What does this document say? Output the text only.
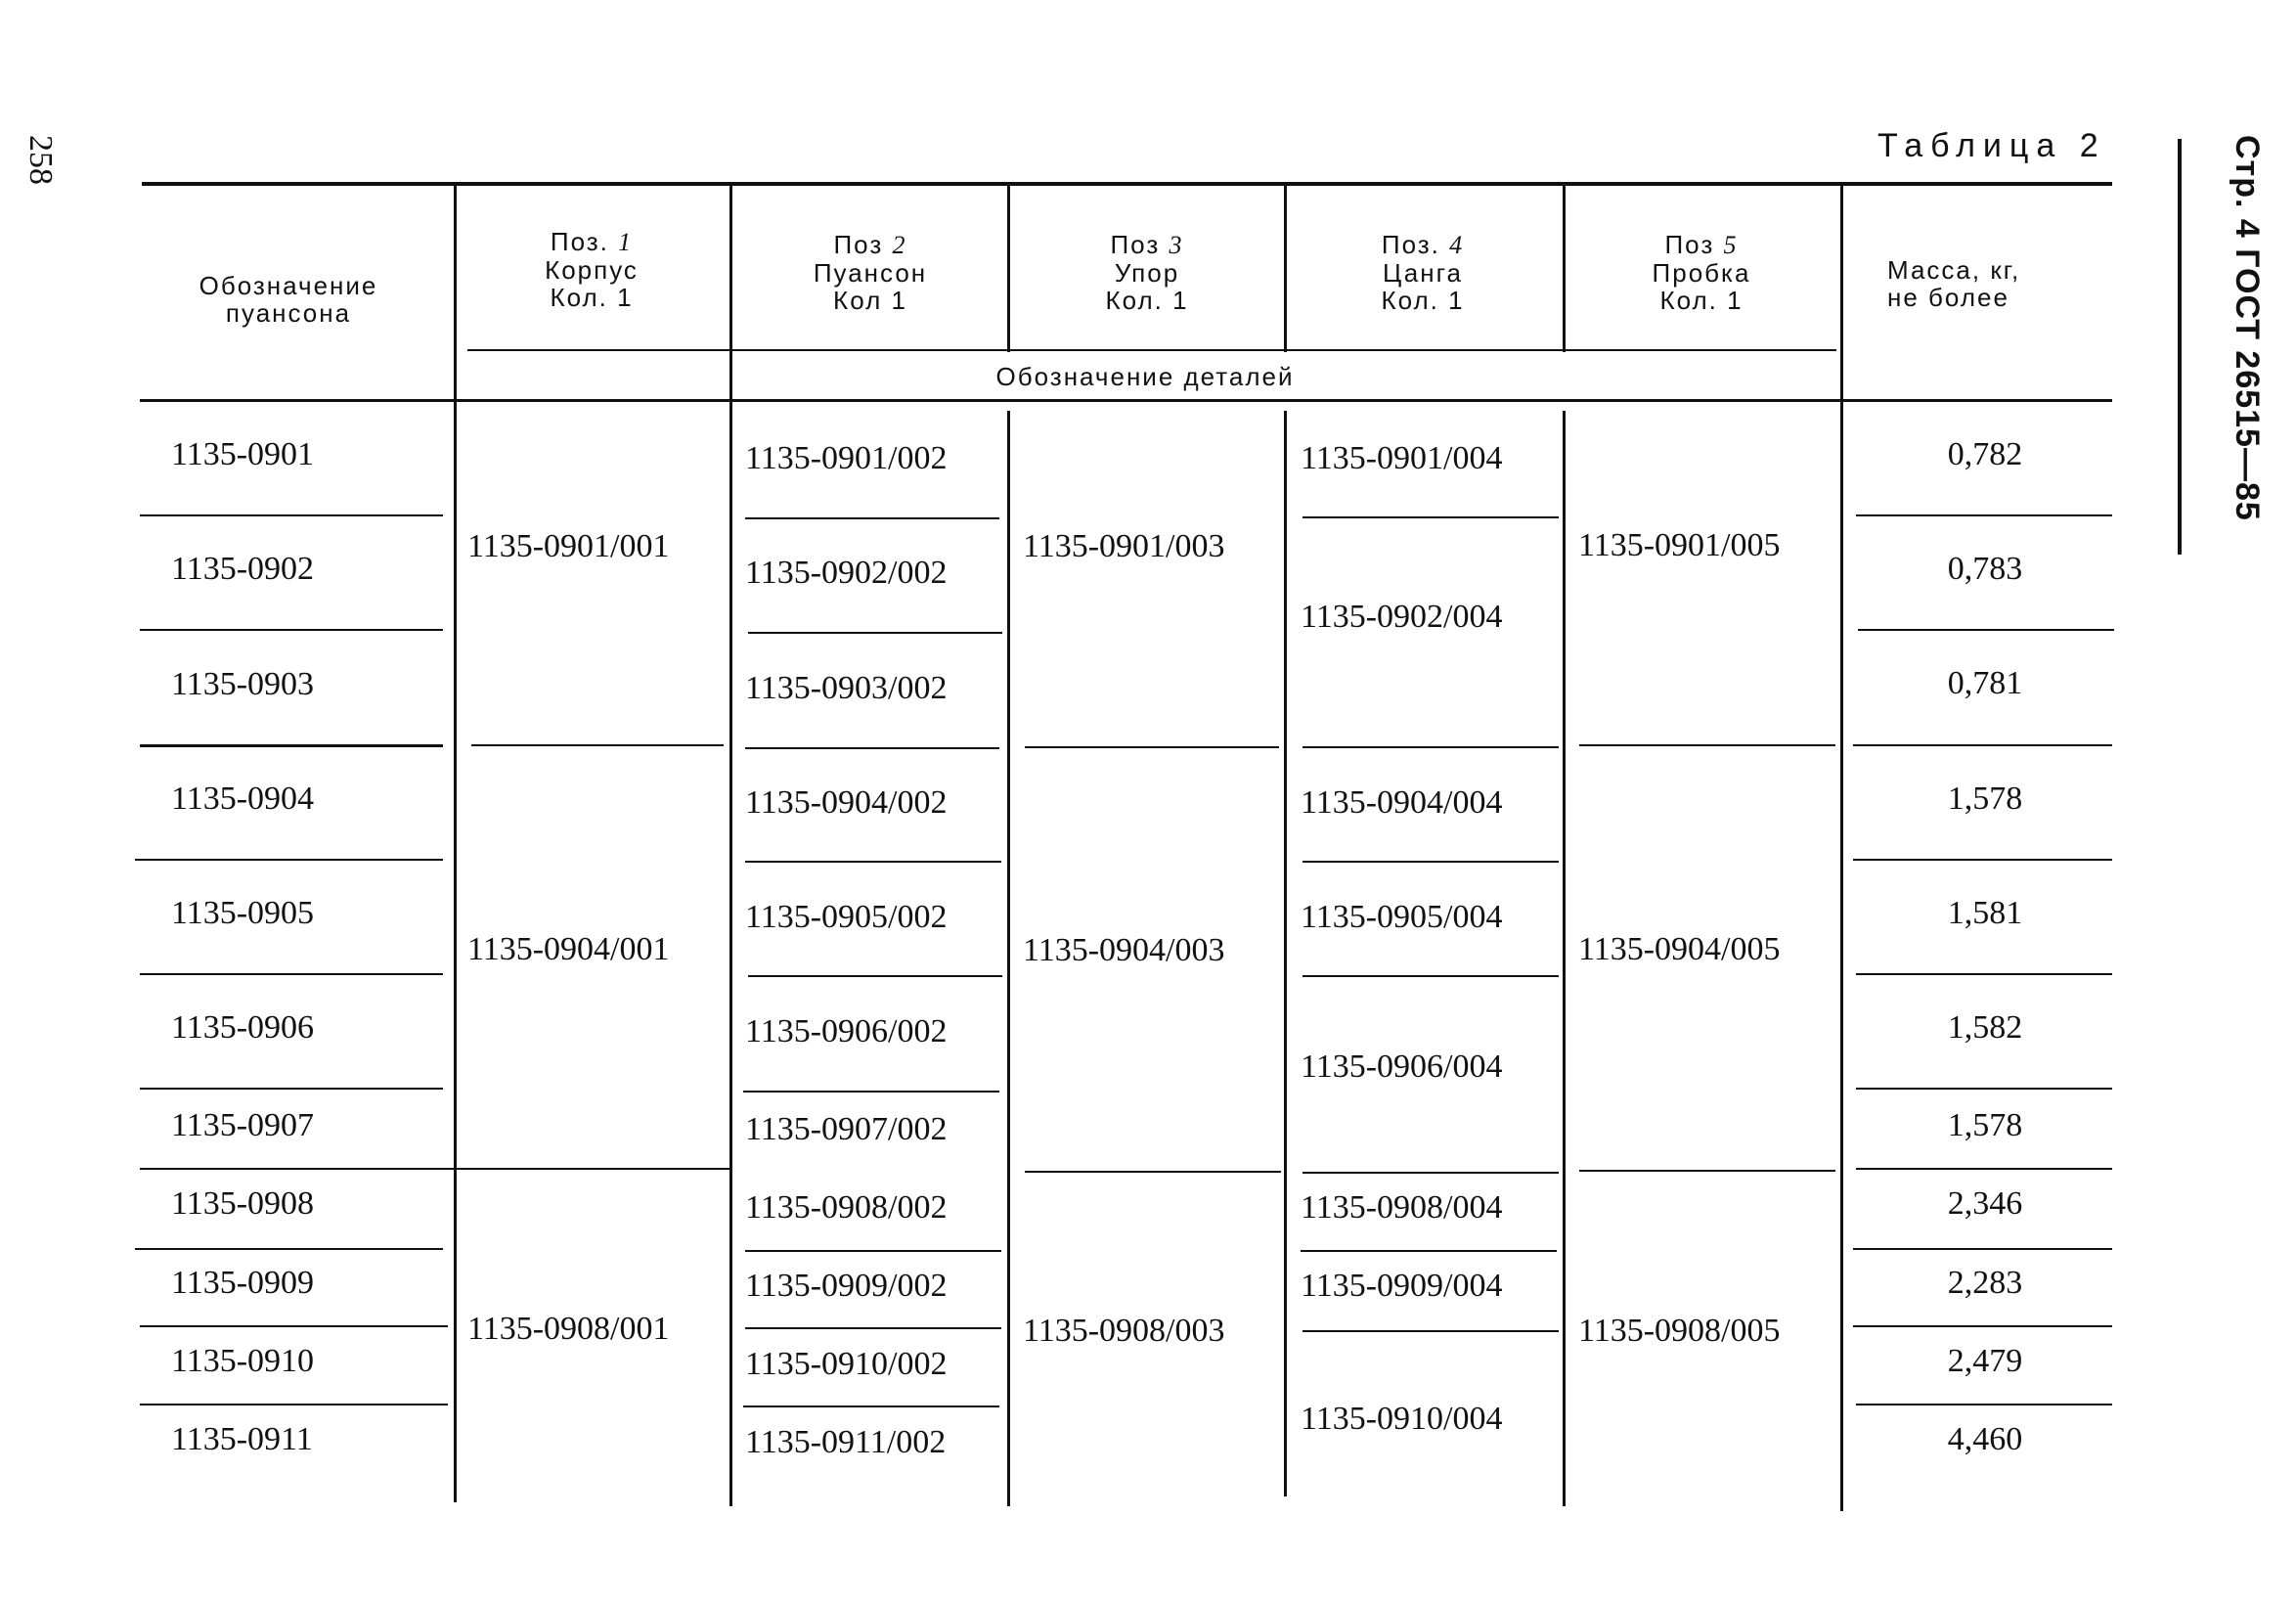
258	Стр. 4 ГОСТ 26515—85
Таблица 2
Обозначение
пуансона
Поз. 1
Корпус
Кол. 1
Поз 2
Пуансон
Кол 1
Поз 3
Упор
Кол. 1
Поз. 4
Цанга
Кол. 1
Поз 5
Пробка
Кол. 1
Масса, кг,
не более
Обозначение деталей
1135-0901
1135-0902
1135-0903
1135-0904
1135-0905
1135-0906
1135-0907
1135-0908
1135-0909
1135-0910
1135-0911
1135-0901/001
1135-0904/001
1135-0908/001
1135-0901/002
1135-0902/002
1135-0903/002
1135-0904/002
1135-0905/002
1135-0906/002
1135-0907/002
1135-0908/002
1135-0909/002
1135-0910/002
1135-0911/002
1135-0901/003
1135-0904/003
1135-0908/003
1135-0901/004
1135-0902/004
1135-0904/004
1135-0905/004
1135-0906/004
1135-0908/004
1135-0909/004
1135-0910/004
1135-0901/005
1135-0904/005
1135-0908/005
0,782
0,783
0,781
1,578
1,581
1,582
1,578
2,346
2,283
2,479
4,460
